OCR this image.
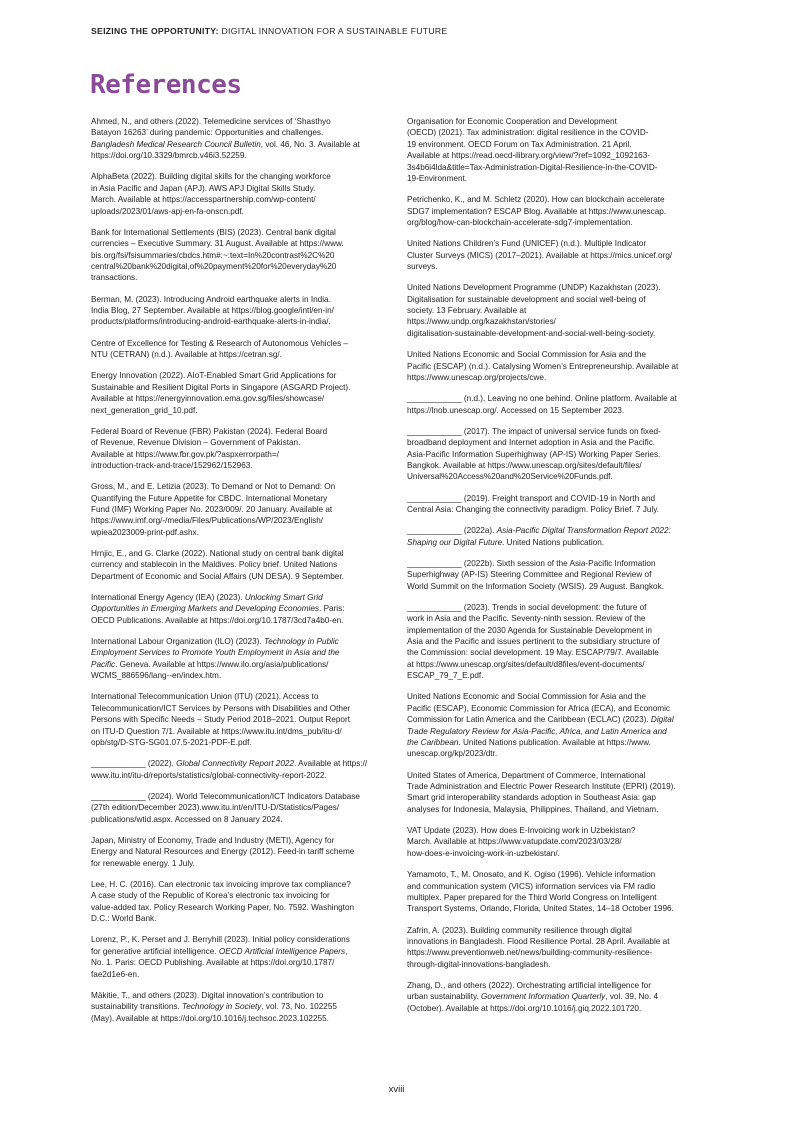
SEIZING THE OPPORTUNITY: DIGITAL INNOVATION FOR A SUSTAINABLE FUTURE
References

Ahmed, N., and others (2022). Telemedicine services of ‘Shasthyo
Batayon 16263’ during pandemic: Opportunities and challenges.
Bangladesh Medical Research Council Bulletin, vol. 46, No. 3. Available at
https://doi.org/10.3329/bmrcb.v46i3.52259.

AlphaBeta (2022). Building digital skills for the changing workforce
in Asia Pacific and Japan (APJ). AWS APJ Digital Skills Study.
March. Available at https://accesspartnership.com/wp-content/
uploads/2023/01/aws-apj-en-fa-onscn.pdf.

Bank for International Settlements (BIS) (2023). Central bank digital
currencies – Executive Summary. 31 August. Available at https://www.
bis.org/fsi/fsisummaries/cbdcs.htm#:~:text=In%20contrast%2C%20
central%20bank%20digital,of%20payment%20for%20everyday%20
transactions.

Berman, M. (2023). Introducing Android earthquake alerts in India.
India Blog, 27 September. Available at https://blog.google/intl/en-in/
products/platforms/introducing-android-earthquake-alerts-in-india/.

Centre of Excellence for Testing & Research of Autonomous Vehicles –
NTU (CETRAN) (n.d.). Available at https://cetran.sg/.

Energy Innovation (2022). AIoT-Enabled Smart Grid Applications for
Sustainable and Resilient Digital Ports in Singapore (ASGARD Project).
Available at https://energyinnovation.ema.gov.sg/files/showcase/
next_generation_grid_10.pdf.

Federal Board of Revenue (FBR) Pakistan (2024). Federal Board
of Revenue, Revenue Division – Government of Pakistan.
Available at https://www.fbr.gov.pk/?aspxerrorpath=/
introduction-track-and-trace/152962/152963.

Gross, M., and E. Letizia (2023). To Demand or Not to Demand: On
Quantifying the Future Appetite for CBDC. International Monetary
Fund (IMF) Working Paper No. 2023/009/. 20 January. Available at
https://www.imf.org/-/media/Files/Publications/WP/2023/English/
wpiea2023009-print-pdf.ashx.

Hrnjic, E., and G. Clarke (2022). National study on central bank digital
currency and stablecoin in the Maldives. Policy brief. United Nations
Department of Economic and Social Affairs (UN DESA). 9 September.

International Energy Agency (IEA) (2023). Unlocking Smart Grid
Opportunities in Emerging Markets and Developing Economies. Paris:
OECD Publications. Available at https://doi.org/10.1787/3cd7a4b0-en.

International Labour Organization (ILO) (2023). Technology in Public
Employment Services to Promote Youth Employment in Asia and the
Pacific. Geneva. Available at https://www.ilo.org/asia/publications/
WCMS_886596/lang--en/index.htm.

International Telecommunication Union (ITU) (2021). Access to
Telecommunication/ICT Services by Persons with Disabilities and Other
Persons with Specific Needs – Study Period 2018–2021. Output Report
on ITU-D Question 7/1. Available at https://www.itu.int/dms_pub/itu-d/
opb/stg/D-STG-SG01.07.5-2021-PDF-E.pdf.

____________ (2022). Global Connectivity Report 2022. Available at https://
www.itu.int/itu-d/reports/statistics/global-connectivity-report-2022.

____________ (2024). World Telecommunication/ICT Indicators Database
(27th edition/December 2023).www.itu.int/en/ITU-D/Statistics/Pages/
publications/wtid.aspx. Accessed on 8 January 2024.

Japan, Ministry of Economy, Trade and Industry (METI), Agency for
Energy and Natural Resources and Energy (2012). Feed-in tariff scheme
for renewable energy. 1 July.

Lee, H. C. (2016). Can electronic tax invoicing improve tax compliance?
A case study of the Republic of Korea’s electronic tax invoicing for
value-added tax. Policy Research Working Paper, No. 7592. Washington
D.C.: World Bank.

Lorenz, P., K. Perset and J. Berryhill (2023). Initial policy considerations
for generative artificial intelligence. OECD Artificial Intelligence Papers,
No. 1. Paris: OECD Publishing. Available at https://doi.org/10.1787/
fae2d1e6-en.

Mäkitie, T., and others (2023). Digital innovation’s contribution to
sustainability transitions. Technology in Society, vol. 73, No. 102255
(May). Available at https://doi.org/10.1016/j.techsoc.2023.102255.

Organisation for Economic Cooperation and Development
(OECD) (2021). Tax administration: digital resilience in the COVID-
19 environment. OECD Forum on Tax Administration. 21 April.
Available at https://read.oecd-ilibrary.org/view/?ref=1092_1092163-
3s4b6i4lda&title=Tax-Administration-Digital-Resilience-in-the-COVID-
19-Environment.

Petrichenko, K., and M. Schletz (2020). How can blockchain accelerate
SDG7 implementation? ESCAP Blog. Available at https://www.unescap.
org/blog/how-can-blockchain-accelerate-sdg7-implementation.

United Nations Children’s Fund (UNICEF) (n.d.). Multiple Indicator
Cluster Surveys (MICS) (2017–2021). Available at https://mics.unicef.org/
surveys.

United Nations Development Programme (UNDP) Kazakhstan (2023).
Digitalisation for sustainable development and social well-being of
society. 13 February. Available at
https://www.undp.org/kazakhstan/stories/
digitalisation-sustainable-development-and-social-well-being-society.

United Nations Economic and Social Commission for Asia and the
Pacific (ESCAP) (n.d.). Catalysing Women’s Entrepreneurship. Available at
https://www.unescap.org/projects/cwe.

____________ (n.d.). Leaving no one behind. Online platform. Available at
https://lnob.unescap.org/. Accessed on 15 September 2023.

____________ (2017). The impact of universal service funds on fixed-
broadband deployment and Internet adoption in Asia and the Pacific.
Asia-Pacific Information Superhighway (AP-IS) Working Paper Series.
Bangkok. Available at https://www.unescap.org/sites/default/files/
Universal%20Access%20and%20Service%20Funds.pdf.

____________ (2019). Freight transport and COVID-19 in North and
Central Asia: Changing the connectivity paradigm. Policy Brief. 7 July.

____________ (2022a). Asia-Pacific Digital Transformation Report 2022:
Shaping our Digital Future. United Nations publication.

____________ (2022b). Sixth session of the Asia-Pacific Information
Superhighway (AP-IS) Steering Committee and Regional Review of
World Summit on the Information Society (WSIS). 29 August. Bangkok.

____________ (2023). Trends in social development: the future of
work in Asia and the Pacific. Seventy-ninth session. Review of the
implementation of the 2030 Agenda for Sustainable Development in
Asia and the Pacific and issues pertinent to the subsidiary structure of
the Commission: social development. 19 May. ESCAP/79/7. Available
at https://www.unescap.org/sites/default/d8files/event-documents/
ESCAP_79_7_E.pdf.

United Nations Economic and Social Commission for Asia and the
Pacific (ESCAP), Economic Commission for Africa (ECA), and Economic
Commission for Latin America and the Caribbean (ECLAC) (2023). Digital
Trade Regulatory Review for Asia-Pacific, Africa, and Latin America and
the Caribbean. United Nations publication. Available at https://www.
unescap.org/kp/2023/dtr.

United States of America, Department of Commerce, International
Trade Administration and Electric Power Research Institute (EPRI) (2019).
Smart grid interoperability standards adoption in Southeast Asia: gap
analyses for Indonesia, Malaysia, Philippines, Thailand, and Vietnam.

VAT Update (2023). How does E-Invoicing work in Uzbekistan?
March. Available at https://www.vatupdate.com/2023/03/28/
how-does-e-invoicing-work-in-uzbekistan/.

Yamamoto, T., M. Onosato, and K. Ogiso (1996). Vehicle information
and communication system (VICS) information services via FM radio
multiplex. Paper prepared for the Third World Congress on Intelligent
Transport Systems, Orlando, Florida, United States, 14–18 October 1996.

Zafrin, A. (2023). Building community resilience through digital
innovations in Bangladesh. Flood Resilience Portal. 28 April. Available at
https://www.preventionweb.net/news/building-community-resilience-
through-digital-innovations-bangladesh.

Zhang, D., and others (2022). Orchestrating artificial intelligence for
urban sustainability. Government Information Quarterly, vol. 39, No. 4
(October). Available at https://doi.org/10.1016/j.giq.2022.101720.

xviii
